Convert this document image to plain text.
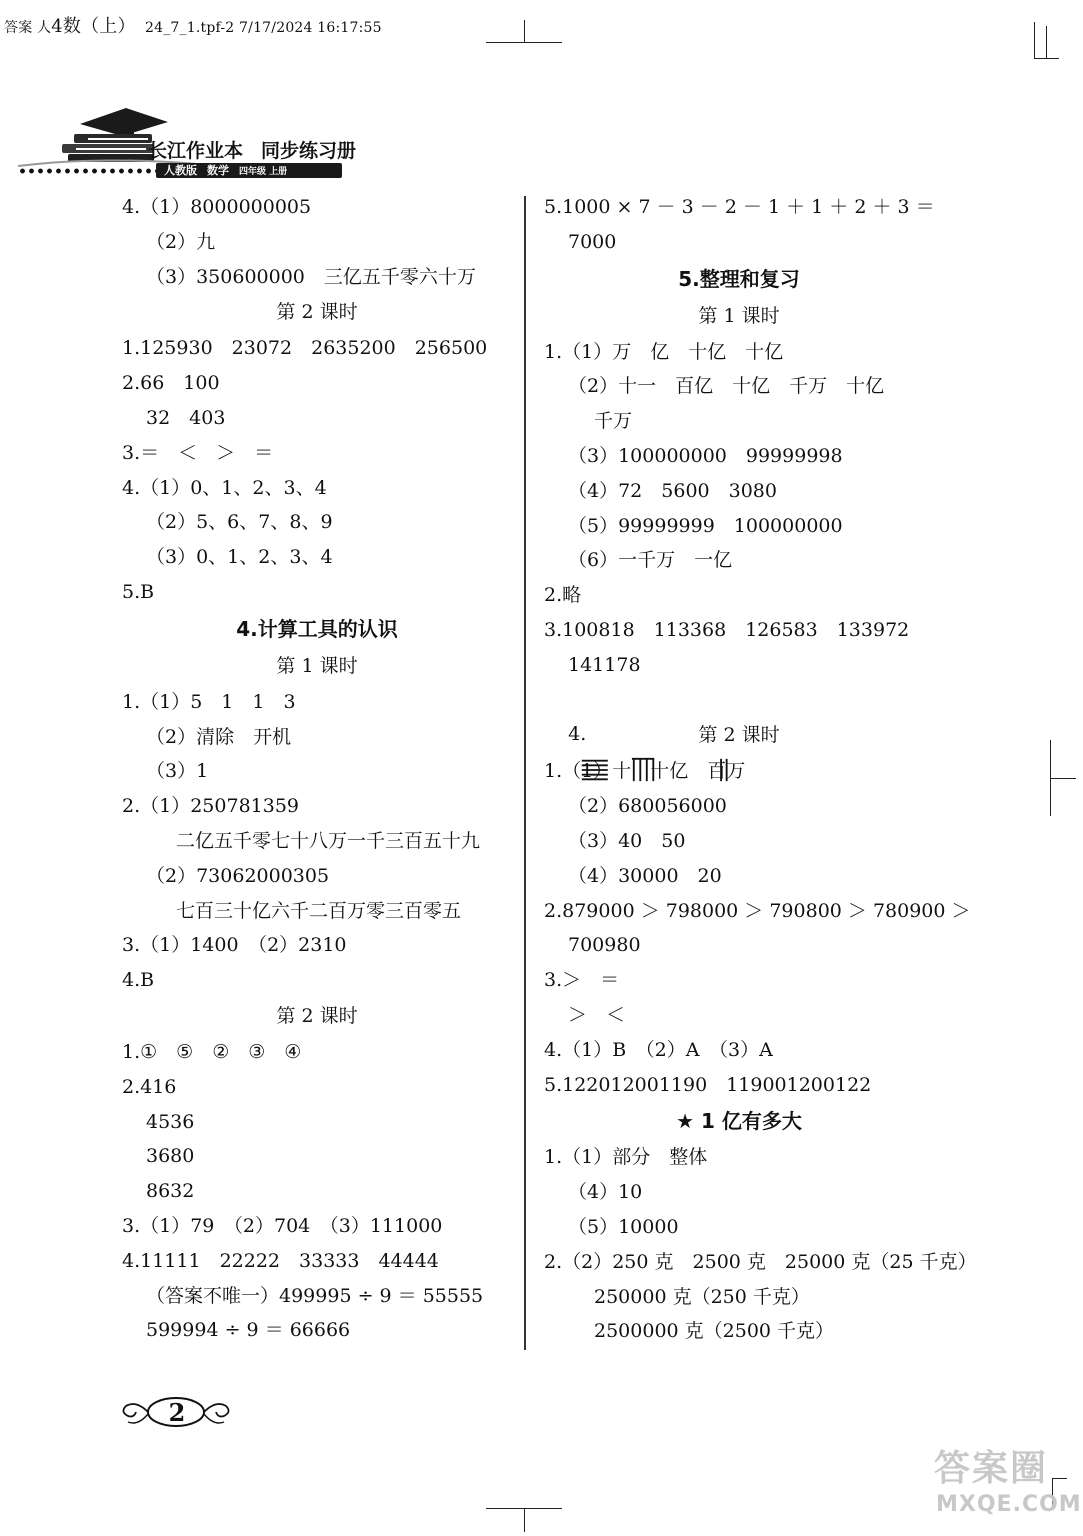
答案 人4数（上） 24_7_1.tpf-2 7/17/2024 16:17:55
长江作业本 同步练习册
人教版 数学 四年级 上册
4.（1）8000000005
（2）九
（3）350600000　三亿五千零六十万
第 2 课时
1.125930　23072　2635200　256500
2.66　100
32　403
3.＝　＜　＞　＝
4.（1）0、1、2、3、4
（2）5、6、7、8、9
（3）0、1、2、3、4
5.B
4.计算工具的认识
第 1 课时
1.（1）5　1　1　3
（2）清除　开机
（3）1
2.（1）250781359
二亿五千零七十八万一千三百五十九
（2）73062000305
七百三十亿六千二百万零三百零五
3.（1）1400　（2）2310
4.B
第 2 课时
1.①　⑤　②　③　④
2.416
4536
3680
8632
3.（1）79　（2）704　（3）111000
4.11111　22222　33333　44444
（答案不唯一）499995 ÷ 9 ＝ 55555
599994 ÷ 9 ＝ 66666
5.1000 × 7 － 3 － 2 － 1 ＋ 1 ＋ 2 ＋ 3 ＝
7000
5.整理和复习
第 1 课时
1.（1）万　亿　十亿　十亿
（2）十一　百亿　十亿　千万　十亿
千万
（3）100000000　99999998
（4）72　5600　3080
（5）99999999　100000000
（6）一千万　一亿
2.略
3.100818　113368　126583　133972
141178

4.

	第 2 课时
1.（1）十　十亿　百万
（2）680056000
（3）40　50
（4）30000　20
2.879000 ＞ 798000 ＞ 790800 ＞ 780900 ＞
700980
3.＞　＝
＞　＜
4.（1）B　（2）A　（3）A
5.122012001190　119001200122
★ 1 亿有多大
1.（1）部分　整体
（4）10
（5）10000
2.（2）250 克　2500 克　25000 克（25 千克）
250000 克（250 千克）
2500000 克（2500 千克）
2
答案圈
MXQE.COM
